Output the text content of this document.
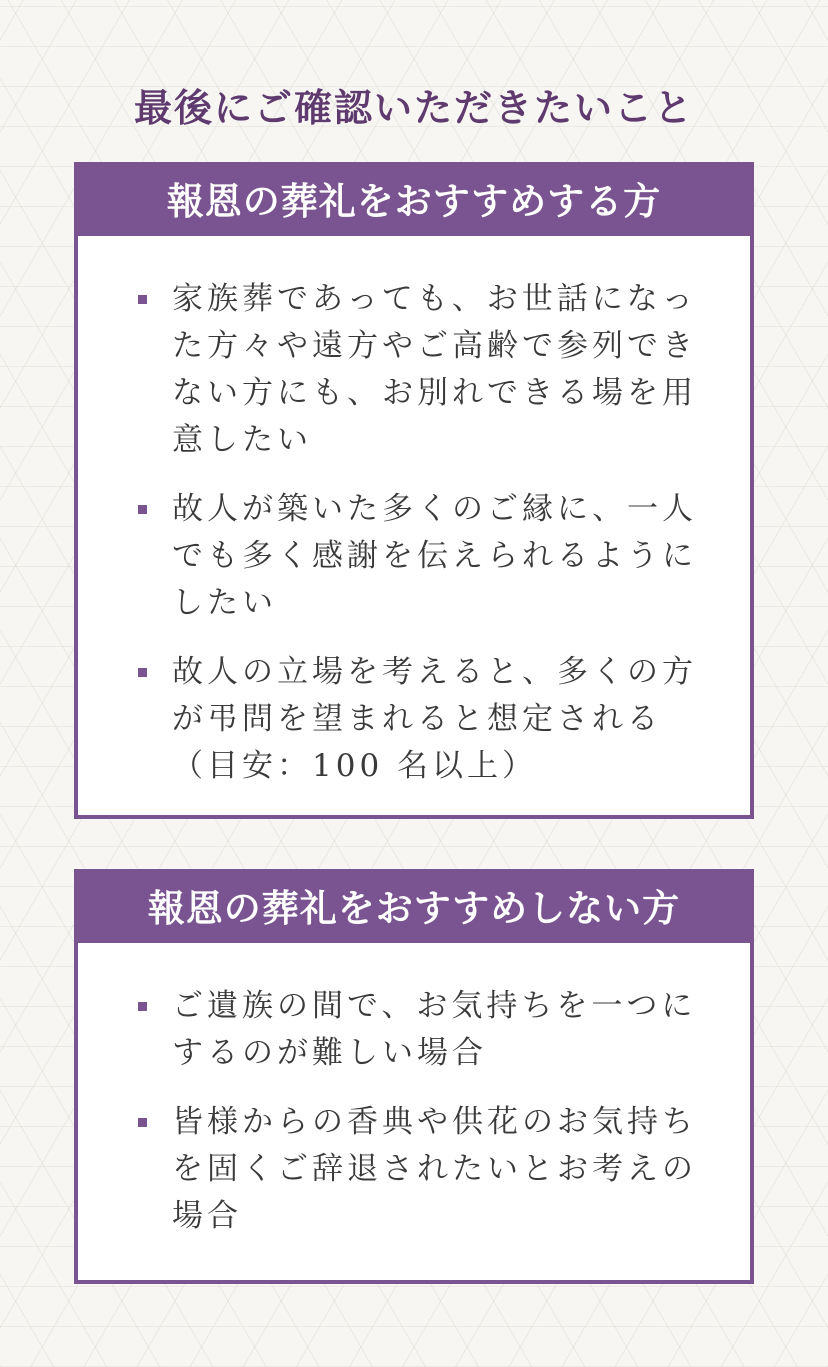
最後にご確認いただきたいこと
報恩の葬礼をおすすめする方
家族葬であっても、お世話になった方々や遠方やご高齢で参列できない方にも、お別れできる場を用意したい
故人が築いた多くのご縁に、一人でも多く感謝を伝えられるようにしたい
故人の立場を考えると、多くの方が弔問を望まれると想定される（目安：100 名以上）
報恩の葬礼をおすすめしない方
ご遺族の間で、お気持ちを一つにするのが難しい場合
皆様からの香典や供花のお気持ちを固くご辞退されたいとお考えの場合
